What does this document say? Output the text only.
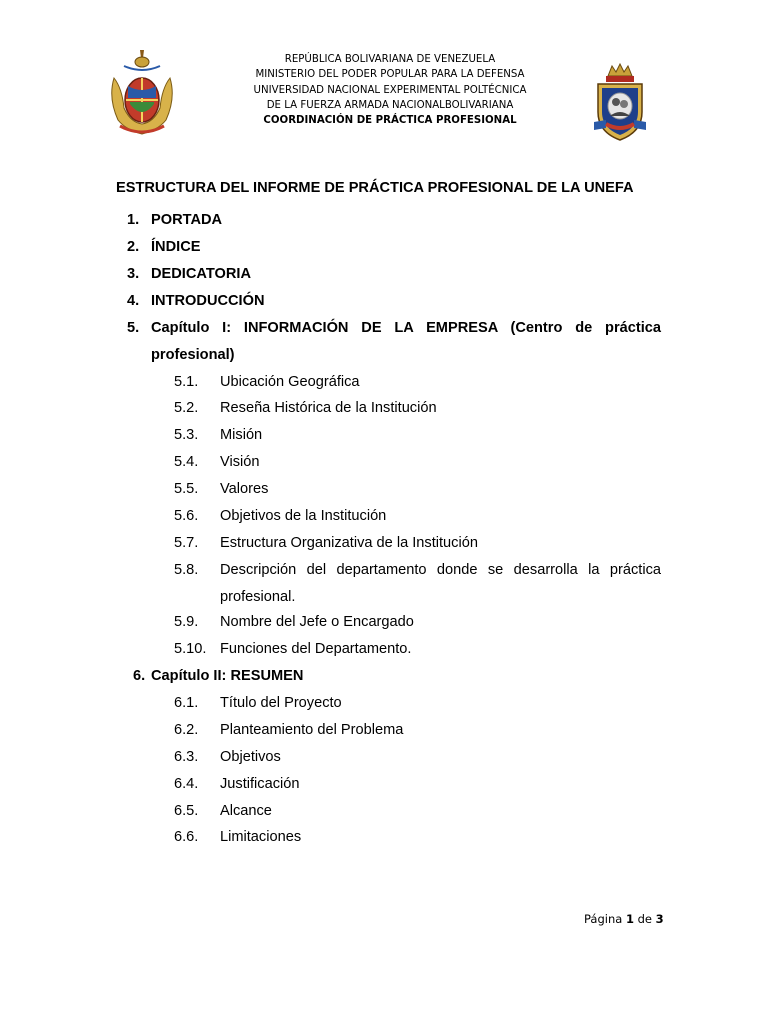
REPÚBLICA BOLIVARIANA DE VENEZUELA
MINISTERIO DEL PODER POPULAR PARA LA DEFENSA
UNIVERSIDAD NACIONAL EXPERIMENTAL POLTÉCNICA
DE LA FUERZA ARMADA NACIONALBOLIVARIANA
COORDINACIÓN DE PRÁCTICA PROFESIONAL
ESTRUCTURA DEL INFORME DE PRÁCTICA PROFESIONAL DE LA UNEFA
1. PORTADA
2. ÍNDICE
3. DEDICATORIA
4. INTRODUCCIÓN
5. Capítulo I: INFORMACIÓN DE LA EMPRESA (Centro de práctica
profesional)
5.1. Ubicación Geográfica
5.2. Reseña Histórica de la Institución
5.3. Misión
5.4. Visión
5.5. Valores
5.6. Objetivos de la Institución
5.7. Estructura Organizativa de la Institución
5.8. Descripción del departamento donde se desarrolla la práctica
profesional.
5.9. Nombre del Jefe o Encargado
5.10. Funciones del Departamento.
6. Capítulo II: RESUMEN
6.1. Título del Proyecto
6.2. Planteamiento del Problema
6.3. Objetivos
6.4. Justificación
6.5. Alcance
6.6. Limitaciones
Página 1 de 3
